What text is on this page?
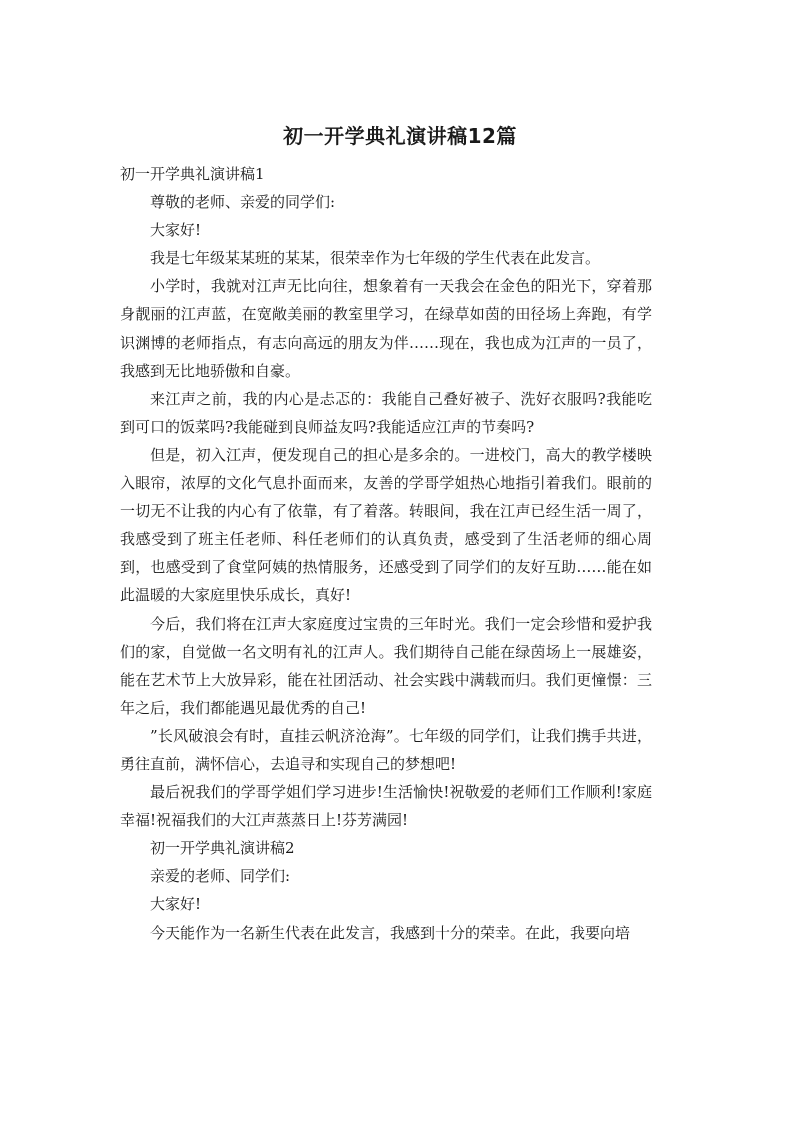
初一开学典礼演讲稿12篇

初一开学典礼演讲稿1

尊敬的老师、亲爱的同学们:

大家好!

我是七年级某某班的某某，很荣幸作为七年级的学生代表在此发言。

小学时，我就对江声无比向往，想象着有一天我会在金色的阳光下，穿着那身靓丽的江声蓝，在宽敞美丽的教室里学习，在绿草如茵的田径场上奔跑，有学识渊博的老师指点，有志向高远的朋友为伴……现在，我也成为江声的一员了，我感到无比地骄傲和自豪。

来江声之前，我的内心是忐忑的：我能自己叠好被子、洗好衣服吗?我能吃到可口的饭菜吗?我能碰到良师益友吗?我能适应江声的节奏吗?

但是，初入江声，便发现自己的担心是多余的。一进校门，高大的教学楼映入眼帘，浓厚的文化气息扑面而来，友善的学哥学姐热心地指引着我们。眼前的一切无不让我的内心有了依靠，有了着落。转眼间，我在江声已经生活一周了，我感受到了班主任老师、科任老师们的认真负责，感受到了生活老师的细心周到，也感受到了食堂阿姨的热情服务，还感受到了同学们的友好互助……能在如此温暖的大家庭里快乐成长，真好!

今后，我们将在江声大家庭度过宝贵的三年时光。我们一定会珍惜和爱护我们的家，自觉做一名文明有礼的江声人。我们期待自己能在绿茵场上一展雄姿，能在艺术节上大放异彩，能在社团活动、社会实践中满载而归。我们更憧憬：三年之后，我们都能遇见最优秀的自己!

”长风破浪会有时，直挂云帆济沧海”。七年级的同学们，让我们携手共进，勇往直前，满怀信心，去追寻和实现自己的梦想吧!

最后祝我们的学哥学姐们学习进步!生活愉快!祝敬爱的老师们工作顺利!家庭幸福!祝福我们的大江声蒸蒸日上!芬芳满园!

初一开学典礼演讲稿2

亲爱的老师、同学们:

大家好!

今天能作为一名新生代表在此发言，我感到十分的荣幸。在此，我要向培
